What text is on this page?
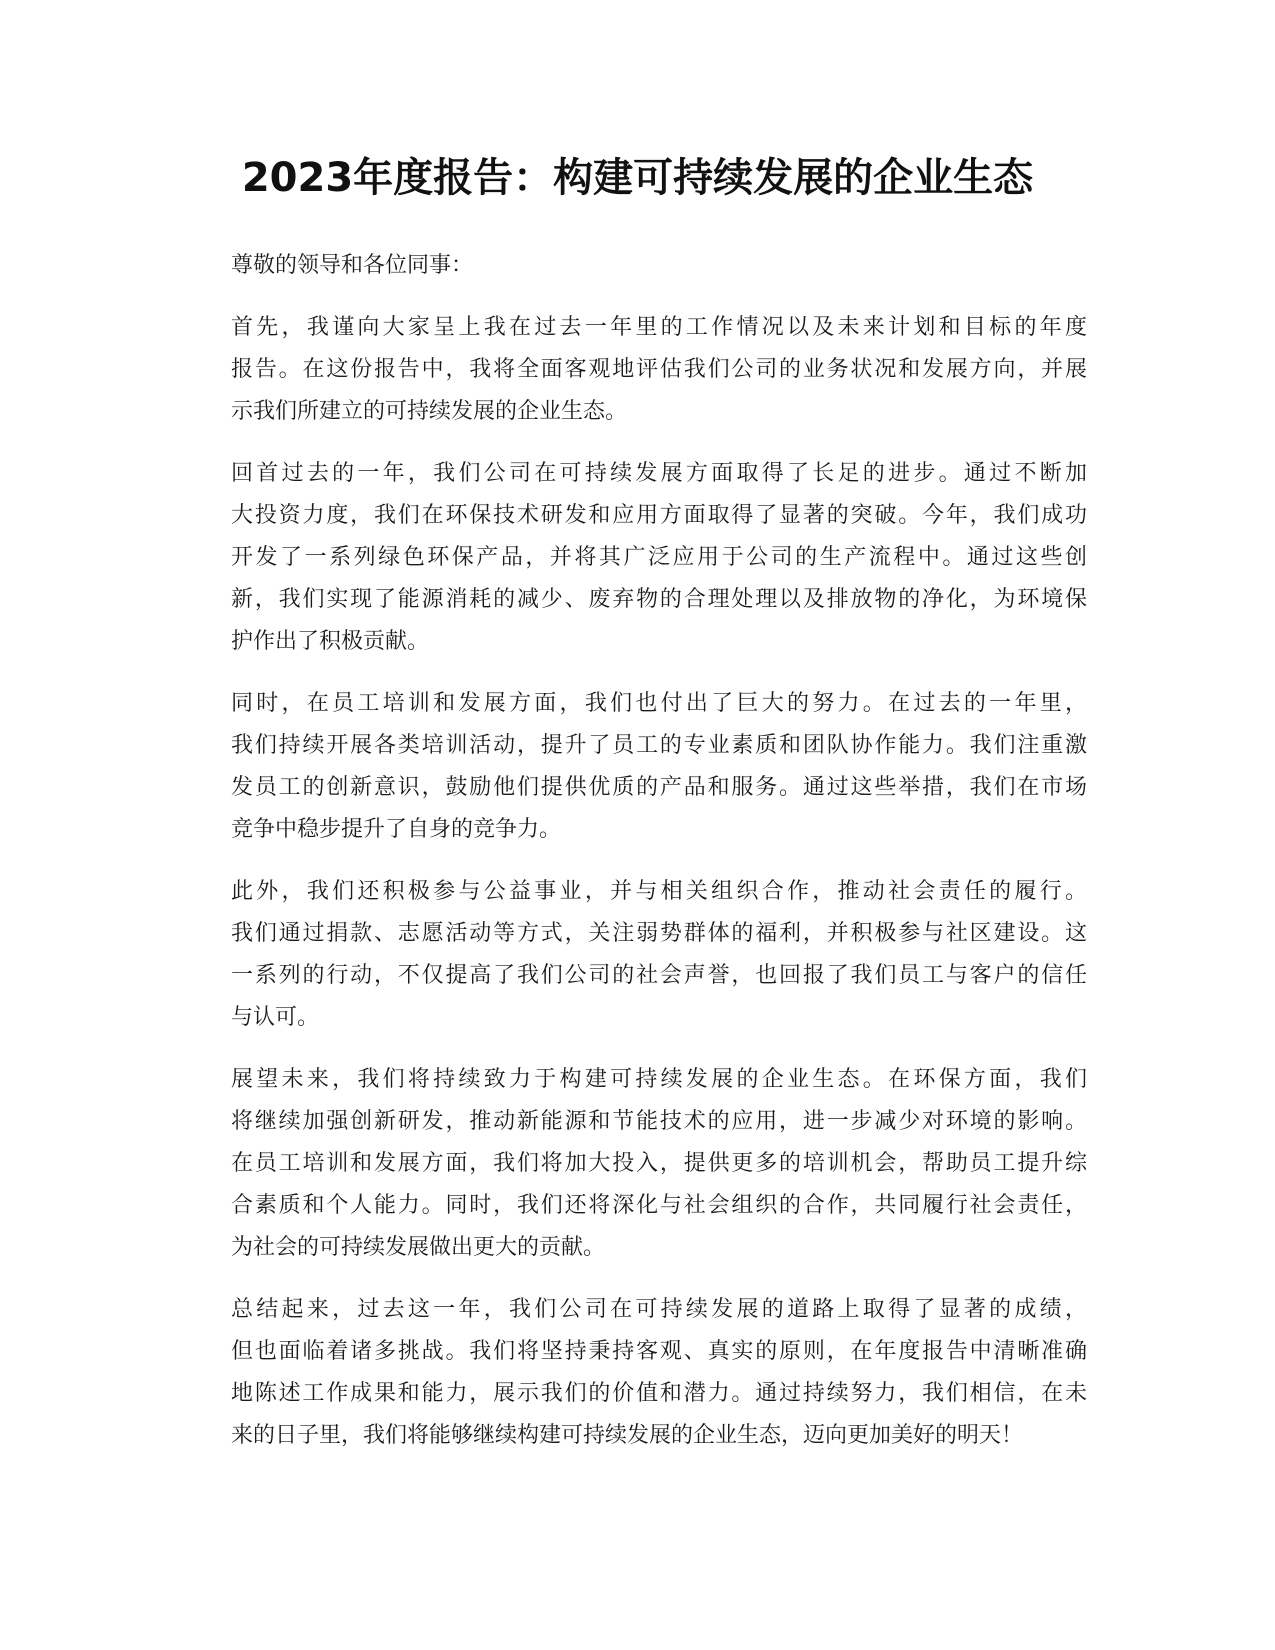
2023年度报告：构建可持续发展的企业生态

尊敬的领导和各位同事：

首先，我谨向大家呈上我在过去一年里的工作情况以及未来计划和目标的年度
报告。在这份报告中，我将全面客观地评估我们公司的业务状况和发展方向，并展
示我们所建立的可持续发展的企业生态。

回首过去的一年，我们公司在可持续发展方面取得了长足的进步。通过不断加
大投资力度，我们在环保技术研发和应用方面取得了显著的突破。今年，我们成功
开发了一系列绿色环保产品，并将其广泛应用于公司的生产流程中。通过这些创
新，我们实现了能源消耗的减少、废弃物的合理处理以及排放物的净化，为环境保
护作出了积极贡献。

同时，在员工培训和发展方面，我们也付出了巨大的努力。在过去的一年里，
我们持续开展各类培训活动，提升了员工的专业素质和团队协作能力。我们注重激
发员工的创新意识，鼓励他们提供优质的产品和服务。通过这些举措，我们在市场
竞争中稳步提升了自身的竞争力。

此外，我们还积极参与公益事业，并与相关组织合作，推动社会责任的履行。
我们通过捐款、志愿活动等方式，关注弱势群体的福利，并积极参与社区建设。这
一系列的行动，不仅提高了我们公司的社会声誉，也回报了我们员工与客户的信任
与认可。

展望未来，我们将持续致力于构建可持续发展的企业生态。在环保方面，我们
将继续加强创新研发，推动新能源和节能技术的应用，进一步减少对环境的影响。
在员工培训和发展方面，我们将加大投入，提供更多的培训机会，帮助员工提升综
合素质和个人能力。同时，我们还将深化与社会组织的合作，共同履行社会责任，
为社会的可持续发展做出更大的贡献。

总结起来，过去这一年，我们公司在可持续发展的道路上取得了显著的成绩，
但也面临着诸多挑战。我们将坚持秉持客观、真实的原则，在年度报告中清晰准确
地陈述工作成果和能力，展示我们的价值和潜力。通过持续努力，我们相信，在未
来的日子里，我们将能够继续构建可持续发展的企业生态，迈向更加美好的明天！
